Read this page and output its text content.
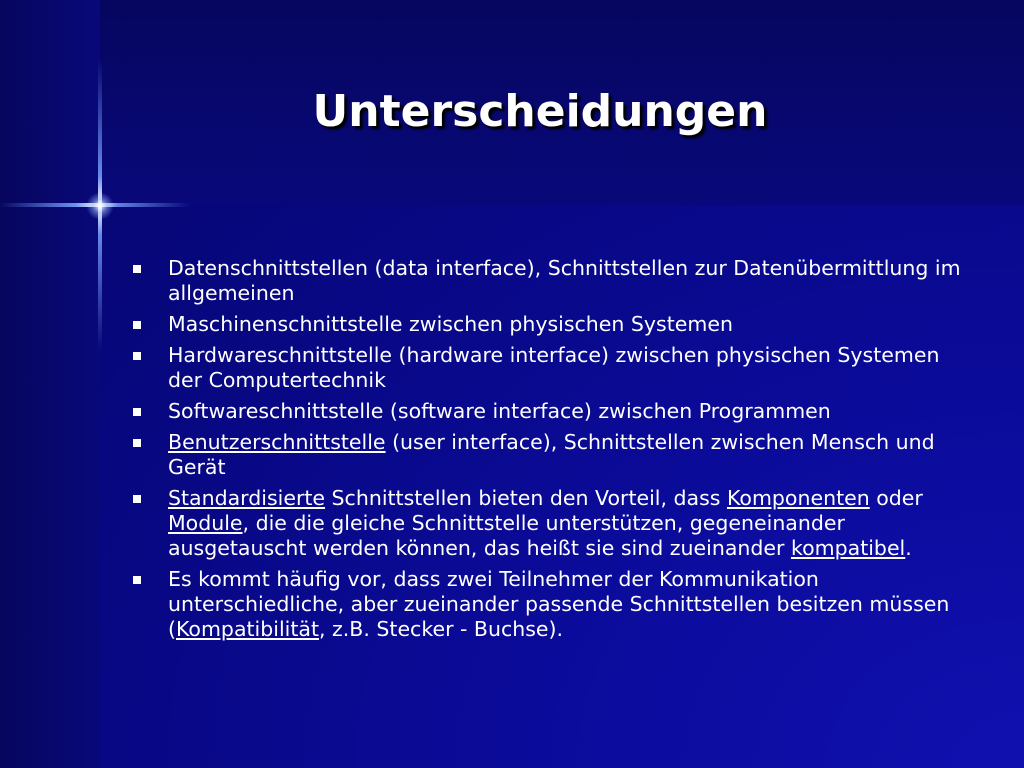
Unterscheidungen
Datenschnittstellen (data interface), Schnittstellen zur Datenübermittlung im allgemeinen
Maschinenschnittstelle zwischen physischen Systemen
Hardwareschnittstelle (hardware interface) zwischen physischen Systemen der Computertechnik
Softwareschnittstelle (software interface) zwischen Programmen
Benutzerschnittstelle (user interface), Schnittstellen zwischen Mensch und Gerät
Standardisierte Schnittstellen bieten den Vorteil, dass Komponenten oder Module, die die gleiche Schnittstelle unterstützen, gegeneinander ausgetauscht werden können, das heißt sie sind zueinander kompatibel.
Es kommt häufig vor, dass zwei Teilnehmer der Kommunikation unterschiedliche, aber zueinander passende Schnittstellen besitzen müssen (Kompatibilität, z.B. Stecker - Buchse).
